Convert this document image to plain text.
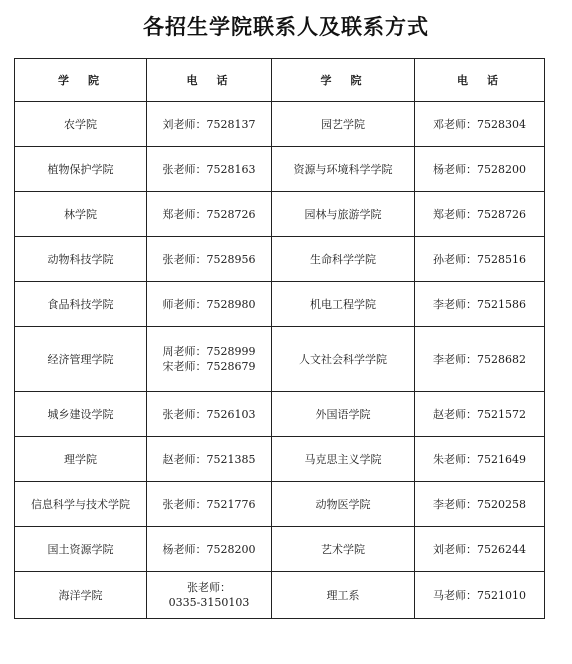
各招生学院联系人及联系方式
学　院	电　话	学　院	电　话
农学院	刘老师：7528137	园艺学院	邓老师：7528304

植物保护学院	张老师：7528163	资源与环境科学学院	杨老师：7528200

林学院	郑老师：7528726	园林与旅游学院	郑老师：7528726

动物科技学院	张老师：7528956	生命科学学院	孙老师：7528516

食品科技学院	师老师：7528980	机电工程学院	李老师：7521586

经济管理学院	周老师：7528999
宋老师：7528679	人文社会科学学院	李老师：7528682

城乡建设学院	张老师：7526103	外国语学院	赵老师：7521572

理学院	赵老师：7521385	马克思主义学院	朱老师：7521649

信息科学与技术学院	张老师：7521776	动物医学院	李老师：7520258

国土资源学院	杨老师：7528200	艺术学院	刘老师：7526244

海洋学院	张老师：
0335-3150103	理工系	马老师：7521010
